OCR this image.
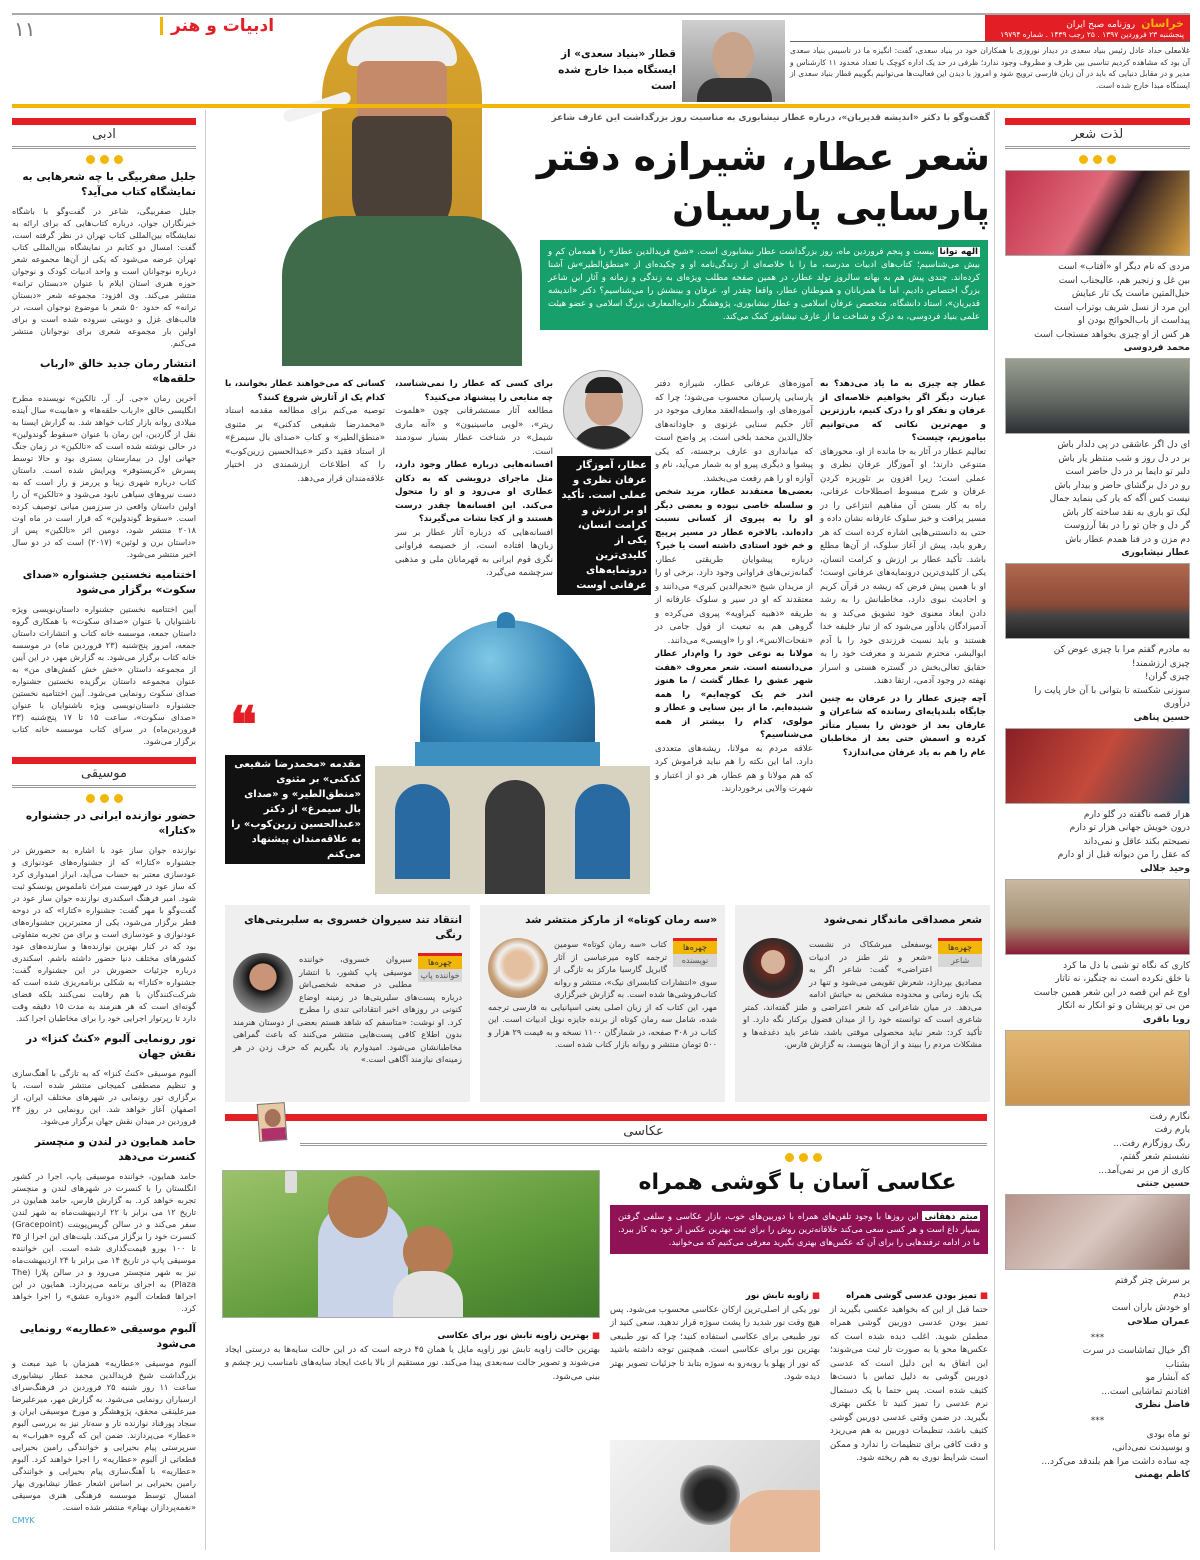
خراسان
روزنامه صبح ایران
پنجشنبه ۲۳ فروردین ۱۳۹۷ . ۲۵ رجب ۱۴۳۹ . شماره ۱۹۷۹۴
۱۱	ادبیات و هنر
غلامعلی حداد عادل رئیس بنیاد سعدی در دیدار نوروزی با همکاران خود در بنیاد سعدی، گفت: انگیزه ما در تاسیس بنیاد سعدی آن بود که مشاهده کردیم تناسبی بین ظرف و مظروف وجود ندارد؛ ظرفی در حد یک اداره کوچک با تعداد محدود ۱۱ کارشناس و مدیر و در مقابل دنیایی که باید در آن زبان فارسی ترویج شود و امروز با دیدن این فعالیت‌ها می‌توانیم بگوییم قطار بنیاد سعدی از ایستگاه مبدا خارج شده است.
قطار «بنیاد سعدی» از ایستگاه مبدا خارج شده است
ادبی
جلیل صفربیگی با چه شعرهایی به نمایشگاه کتاب می‌آید؟
جلیل صفربیگی، شاعر در گفت‌وگو با باشگاه خبرنگاران جوان، درباره کتاب‌هایی که برای ارائه به نمایشگاه بین‌المللی کتاب تهران در نظر گرفته است، گفت: امسال دو کتابم در نمایشگاه بین‌المللی کتاب تهران عرضه می‌شود که یکی از آن‌ها مجموعه شعر درباره نوجوانان است و واحد ادبیات کودک و نوجوان حوزه هنری استان ایلام با عنوان «دبستان ترانه» منتشر می‌کند. وی افزود: مجموعه شعر «دبستان ترانه» که حدود ۵۰ شعر با موضوع نوجوان است، در قالب‌های غزل و دوبیتی سروده شده است و برای اولین بار مجموعه شعری برای نوجوانان منتشر می‌کنم.
انتشار رمان جدید خالق «ارباب حلقه‌ها»
آخرین رمان «جی. آر. آر. تالکین» نویسنده مطرح انگلیسی خالق «ارباب حلقه‌ها» و «هابیت» سال آینده میلادی روانه بازار کتاب خواهد شد. به گزارش ایسنا به نقل از گاردین، این رمان با عنوان «سقوط گوندولین» در حالی نوشته شده است که «تالکین» در زمان جنگ جهانی اول در بیمارستان بستری بود و حالا توسط پسرش «کریستوفر» ویرایش شده است. داستان کتاب درباره شهری زیبا و پررمز و راز است که به دست نیروهای سیاهی نابود می‌شود و «تالکین» آن را اولین داستان واقعی در سرزمین میانی توصیف کرده است. «سقوط گوندولین» که قرار است در ماه اوت ۲۰۱۸ منتشر شود، دومین اثر «تالکین» پس از «داستان برن و لوثین» (۲۰۱۷) است که در دو سال اخیر منتشر می‌شود.
اختتامیه نخستین جشنواره «صدای سکوت» برگزار می‌شود
آیین اختتامیه نخستین جشنواره داستان‌نویسی ویژه ناشنوایان با عنوان «صدای سکوت» با همکاری گروه داستان جمعه، موسسه خانه کتاب و انتشارات داستان جمعه، امروز پنج‌شنبه (۲۳ فروردین ماه) در موسسه خانه کتاب برگزار می‌شود. به گزارش مهر، در این آیین از مجموعه داستان «خش خش کفش‌های من» به عنوان مجموعه داستان برگزیده نخستین جشنواره صدای سکوت رونمایی می‌شود. آیین اختتامیه نخستین جشنواره داستان‌نویسی ویژه ناشنوایان با عنوان «صدای سکوت»، ساعت ۱۵ تا ۱۷ پنج‌شنبه (۲۳ فروردین‌ماه) در سرای کتاب موسسه خانه کتاب برگزار می‌شود.
موسیقی
حضور نوازنده ایرانی در جشنواره «کتارا»
نوازنده جوان ساز عود با اشاره به حضورش در جشنواره «کتارا» که از جشنواره‌های عودنوازی و عودسازی معتبر به حساب می‌آید، ابراز امیدواری کرد که ساز عود در فهرست میراث ناملموس یونسکو ثبت شود. امیر فرهنگ اسکندری نوازنده جوان ساز عود در گفت‌وگو با مهر گفت: جشنواره «کتارا» که در دوحه قطر برگزار می‌شود، یکی از معتبرترین جشنواره‌های عودنوازی و عودسازی است و برای من تجربه متفاوتی بود که در کنار بهترین نوازنده‌ها و سازنده‌های عود کشورهای مختلف دنیا حضور داشته باشم. اسکندری درباره جزئیات حضورش در این جشنواره گفت: جشنواره «کتارا» به شکلی برنامه‌ریزی شده است که شرکت‌کنندگان با هم رقابت نمی‌کنند بلکه فضای گونه‌ای است که هر هنرمند به مدت ۱۵ دقیقه وقت دارد تا رپرتوار اجرایی خود را برای مخاطبان اجرا کند.
تور رونمایی آلبوم «کنتُ کنزا» در نقش جهان
آلبوم موسیقی «کنتُ کنزا» که به تازگی با آهنگ‌سازی و تنظیم مصطفی کمیجانی منتشر شده است، با برگزاری تور رونمایی در شهرهای مختلف ایران، از اصفهان آغاز خواهد شد. این رونمایی در روز ۲۴ فروردین در میدان نقش جهان برگزار می‌شود.
حامد همایون در لندن و منچستر کنسرت می‌دهد
حامد همایون، خواننده موسیقی پاپ، اجرا در کشور انگلستان را با کنسرت در شهرهای لندن و منچستر تجربه خواهد کرد. به گزارش فارس، حامد همایون در تاریخ ۱۲ می برابر با ۲۲ اردیبهشت‌ماه به شهر لندن سفر می‌کند و در سالن گریس‌پوینت (Gracepoint) کنسرت خود را برگزار می‌کند. بلیت‌های این اجرا از ۳۵ تا ۱۰۰ یورو قیمت‌گذاری شده است. این خواننده موسیقی پاپ در تاریخ ۱۴ می برابر با ۲۴ اردیبهشت‌ماه نیز به شهر منچستر می‌رود و در سالن پلازا (The Plaza) به اجرای برنامه می‌پردازد. همایون در این اجراها قطعات آلبوم «دوباره عشق» را اجرا خواهد کرد.
آلبوم موسیقی «عطاریه» رونمایی می‌شود
آلبوم موسیقی «عطاریه» همزمان با عید مبعث و بزرگداشت شیخ فریدالدین محمد عطار نیشابوری ساعت ۱۱ روز شنبه ۲۵ فروردین در فرهنگ‌سرای ارسباران رونمایی می‌شود. به گزارش مهر، میرعلیرضا میرعلینقی محقق، پژوهشگر و مورخ موسیقی ایران و سجاد پورقناد نوازنده تار و سه‌تار نیز به بررسی آلبوم «عطار» می‌پردازند. ضمن این که گروه «هیراب» به سرپرستی پیام بحیرایی و خوانندگی رامین بحیرایی قطعاتی از آلبوم «عطاریه» را اجرا خواهند کرد. آلبوم «عطاریه» با آهنگ‌سازی پیام بحیرایی و خوانندگی رامین بحیرایی بر اساس اشعار عطار نیشابوری بهار امسال توسط موسسه فرهنگی هنری موسیقی «نغمه‌پردازان بهنام» منتشر شده است.
CMYK
لذت شعر
مردی که نام دیگر او «آفتاب» است
بین غل و زنجیر هم، عالیجناب است
حبل‌المتین ماست یک تار عبایش
این مرد از نسل شریف بوتراب است
پیداست از باب‌الحوائج بودن او
هر کس از او چیزی بخواهد مستجاب است
محمد فردوسی
ای دل اگر عاشقی در پی دلدار باش
بر در دل روز و شب منتظر یار باش
دلبر تو دایما بر در دل حاضر است
رو در دل برگشای حاضر و بیدار باش
نیست کس آگه که یار کی بنماید جمال
لیک تو باری به نقد ساخته کار باش
گر دل و جان تو را در بقا آرزوست
دم مزن و در فنا همدم عطار باش
عطار نیشابوری
به مادرم گفتم مرا با چیزی عوض کن
چیزی ارزشمند!
چیزی گران!
سوزنی شکسته تا بتوانی با آن خار پایت را درآوری
حسین پناهی
هزار قصه ناگفته در گلو دارم
درون خویش جهانی هزار تو دارم
نصیحتم بکند عاقل و نمی‌داند
که عقل را من دیوانه قبل از او دارم
وحید جلالی
کاری که نگاه تو شبی با دل ما کرد
با خلق نکرده است نه چنگیز، نه تاتار
اوج غم این قصه در این شعر همین جاست
من بی تو پریشان و تو انکار نه انکار
رویا باقری
نگارم رفت
یارم رفت
رنگ روزگارم رفت...
نشستم شعر گفتم،
کاری از من بر نمی‌آمد...
حسین جنتی
بر سرش چتر گرفتم
دیدم
او خودش باران است
عمران صلاحی
***
اگر خیال تماشاست در سرت
بشتاب
که آبشار مو
افتادنم تماشایی است...
فاضل نظری
***
تو ماه بودی
و بوسیدنت نمی‌دانی،
چه ساده داشت مرا هم بلندقد می‌کرد...
کاظم بهمنی
گفت‌وگو با دکتر «اندیشه قدیریان»، درباره عطار نیشابوری به مناسبت روز بزرگداشت این عارف شاعر
شعر عطار، شیرازه دفتر
پارسایی پارسیان
الهه توانا بیست و پنجم فروردین ماه، روز بزرگداشت عطار نیشابوری است. «شیخ فریدالدین عطار» را همه‌مان کم و بیش می‌شناسیم؛ کتاب‌های ادبیات مدرسه، ما را با خلاصه‌ای از زندگی‌نامه او و چکیده‌ای از «منطق‌الطیر»ش آشنا کرده‌اند. چندی پیش هم به بهانه سالروز تولد عطار، در همین صفحه مطلب ویژه‌ای به زندگی و زمانه و آثار این شاعر بزرگ اختصاص دادیم. اما ما همزبانان و هموطنان عطار، واقعا چقدر او، عرفان و بینشش را می‌شناسیم؟ دکتر «اندیشه قدیریان»، استاد دانشگاه، متخصص عرفان اسلامی و عطار نیشابوری، پژوهشگر دایره‌المعارف بزرگ اسلامی و عضو هیئت علمی بنیاد فردوسی، به درک و شناخت ما از عارف نیشابور کمک می‌کند.
عطار چه چیزی به ما یاد می‌دهد؟ به عبارت دیگر اگر بخواهیم خلاصه‌ای از عرفان و تفکر او را درک کنیم، بارزترین و مهم‌ترین نکاتی که می‌توانیم بیاموزیم، چیست؟
تعالیم عطار در آثار به جا مانده از او، محورهای متنوعی دارند؛ او آموزگار عرفان نظری و عملی است؛ زیرا افزون بر تئوریزه کردن عرفان و شرح مبسوط اصطلاحات عرفانی، راه به کار بستن آن مفاهیم انتزاعی را در مسیر پرافت و خیز سلوک عارفانه نشان داده و حتی به دانستنی‌هایی اشاره کرده است که هر رهرو باید، پیش از آغاز سلوک، از آن‌ها مطلع باشد. تأکید عطار بر ارزش و کرامت انسان، یکی از کلیدی‌ترین درونمایه‌های عرفانی اوست؛ او با همین پیش فرض که ریشه در قرآن کریم و احادیث نبوی دارد، مخاطبانش را به رشد دادن ابعاد معنوی خود تشویق می‌کند و به آدمیزادگان یادآور می‌شود که از تبار خلیفه خدا هستند و باید نسبت فرزندی خود را با آدم ابوالبشر، محترم شمرند و معرفت خود را به حقایق تعالی‌بخش در گستره هستی و اسرار نهفته در وجود آدمی، ارتقا دهند.
آچه چیزی عطار را در عرفان به چنین جایگاه بلندپایه‌ای رسانده که شاعران و عارفان بعد از خودش را بسیار متأثر کرده و اسمش حتی بعد از مخاطبان عام را هم به یاد عرفان می‌اندازد؟
آموزه‌های عرفانی عطار، شیرازه دفتر پارسایی پارسیان محسوب می‌شود؛ چرا که آموزه‌های او، واسطه‌العقد معارف موجود در آثار حکیم سنایی غزنوی و جاودانه‌های جلال‌الدین محمد بلخی است. پر واضح است که میانداری دو عارف برجسته، که یکی پیشوا و دیگری پیرو او به شمار می‌آید، نام و آوازه او را هم رفعت می‌بخشد.
بعضی‌ها معتقدند عطار، مرید شخص و سلسله خاصی نبوده و بعضی دیگر او را به پیروی از کسانی نسبت داده‌اند. بالاخره عطار در مسیر پرپیچ و خم خود استادی داشته است یا خیر؟
درباره پیشوایان طریقتی عطار، گمانه‌زنی‌های فراوانی وجود دارد. برخی او را از مریدان شیخ «نجم‌الدین کبری» می‌دانند و معتقدند که او در سیر و سلوک عارفانه از طریقه «ذهبیه کبراویه» پیروی می‌کرده و گروهی هم به تبعیت از قول جامی در «نفحات‌الانس»، او را «اویسی» می‌دانند.
مولانا به نوعی خود را وام‌دار عطار می‌دانسته است. شعر معروف «هفت شهر عشق را عطار گشت / ما هنوز اندر خم یک کوچه‌ایم» را همه شنیده‌ایم. ما از بین سنایی و عطار و مولوی، کدام را بیشتر از همه می‌شناسیم؟
علاقه مردم به مولانا، ریشه‌های متعددی دارد. اما این نکته را هم نباید فراموش کرد که هم مولانا و هم عطار، هر دو از اعتبار و شهرت والایی برخوردارند.
عطار، آموزگار عرفان نظری و عملی است. تأکید او بر ارزش و کرامت انسان، یکی از کلیدی‌ترین درونمایه‌های عرفانی اوست
برای کسی که عطار را نمی‌شناسد، چه منابعی را پیشنهاد می‌کنید؟
مطالعه آثار مستشرقانی چون «هلموت ریتر»، «لویی ماسینیون» و «آنه ماری شیمل» در شناخت عطار بسیار سودمند است.
افسانه‌هایی درباره عطار وجود دارد، مثل ماجرای درویشی که به دکان عطاری او می‌رود و او را متحول می‌کند. این افسانه‌ها چقدر درست هستند و از کجا نشات می‌گیرند؟
افسانه‌هایی که درباره آثار عطار بر سر زبان‌ها افتاده است، از خصیصه فراوانی نگری قوم ایرانی به قهرمانان ملی و مذهبی سرچشمه می‌گیرد.
کسانی که می‌خواهند عطار بخوانند، با کدام یک از آثارش شروع کنند؟
توصیه می‌کنم برای مطالعه مقدمه استاد «محمدرضا شفیعی کدکنی» بر مثنوی «منطق‌الطیر» و کتاب «صدای بال سیمرغ» از استاد فقید دکتر «عبدالحسین زرین‌کوب» را که اطلاعات ارزشمندی در اختیار علاقه‌مندان قرار می‌دهد.
❝
مقدمه «محمدرضا شفیعی کدکنی» بر مثنوی «منطق‌الطیر» و «صدای بال سیمرغ» از دکتر «عبدالحسین زرین‌کوب» را به علاقه‌مندان پیشنهاد می‌کنم
شعر مصداقی ماندگار نمی‌شود
چهره‌ها
شاعر
یوسفعلی میرشکاک در نشست «شعر و نثر طنز در ادبیات اعتراضی» گفت: شاعر اگر به مصادیق بپردازد، شعرش تقویمی می‌شود و تنها در یک بازه زمانی و محدوده مشخص به حیاتش ادامه می‌دهد. در میان شاعرانی که شعر اعتراضی و طنز گفته‌اند، کمتر شاعری است که توانسته خود را از میدان فضول برکنار نگه دارد. او تأکید کرد: شعر نباید محصولی موقتی باشد، شاعر باید دغدغه‌ها و مشکلات مردم را ببیند و از آن‌ها بنویسد، به گزارش فارس.
«سه رمان کوتاه» از مارکز منتشر شد
چهره‌ها
نویسنده
کتاب «سه رمان کوتاه» سومین ترجمه کاوه میرعباسی از آثار گابریل گارسیا مارکز به تازگی از سوی «انتشارات کتابسرای نیک»، منتشر و روانه کتاب‌فروشی‌ها شده است. به گزارش خبرگزاری مهر، این کتاب که از زبان اصلی یعنی اسپانیایی به فارسی ترجمه شده، شامل سه رمان کوتاه از برنده جایزه نوبل ادبیات است. این کتاب در ۳۰۸ صفحه، در شمارگان ۱۱۰۰ نسخه و به قیمت ۲۹ هزار و ۵۰۰ تومان منتشر و روانه بازار کتاب شده است.
انتقاد تند سیروان خسروی به سلبریتی‌های رنگی
چهره‌ها
خواننده پاپ
سیروان خسروی، خواننده موسیقی پاپ کشور، با انتشار مطلبی در صفحه شخصی‌اش درباره پست‌های سلبریتی‌ها در زمینه اوضاع کنونی در روزهای اخیر انتقاداتی تندی را مطرح کرد. او نوشت: «متاسفم که شاهد هستم بعضی از دوستان هنرمند بدون اطلاع کافی پست‌هایی منتشر می‌کنند که باعث گمراهی مخاطبانشان می‌شود. امیدوارم یاد بگیریم که حرف زدن در هر زمینه‌ای نیازمند آگاهی است.»
عکاسی
عکاسی آسان با گوشی همراه
میثم دهقانی این روزها با وجود تلفن‌های همراه با دوربین‌های خوب، بازار عکاسی و سلفی گرفتن بسیار داغ است و هر کسی سعی می‌کند خلاقانه‌ترین روش را برای ثبت بهترین عکس از خود به کار ببرد. ما در ادامه ترفندهایی را برای آن که عکس‌های بهتری بگیرید معرفی می‌کنیم که می‌خوانید.
■ تمیز بودن عدسی گوشی همراه
حتما قبل از این که بخواهید عکسی بگیرید از تمیز بودن عدسی دوربین گوشی همراه مطمئن شوید. اغلب دیده شده است که عکس‌ها محو یا به صورت تار ثبت می‌شوند؛ این اتفاق به این دلیل است که عدسی دوربین گوشی به دلیل تماس با دست‌ها کثیف شده است. پس حتما با یک دستمال نرم عدسی را تمیز کنید تا عکس بهتری بگیرید. در ضمن وقتی عدسی دوربین گوشی کثیف باشد، تنظیمات دوربین به هم می‌ریزد و دقت کافی برای تنظیمات را ندارد و ممکن است شرایط نوری به هم ریخته شود.
■ زاویه تابش نور
نور یکی از اصلی‌ترین ارکان عکاسی محسوب می‌شود. پس هیچ وقت نور شدید را پشت سوژه قرار ندهید. سعی کنید از نور طبیعی برای عکاسی استفاده کنید؛ چرا که نور طبیعی بهترین نور برای عکاسی است. همچنین توجه داشته باشید که نور از پهلو یا روبه‌رو به سوژه بتابد تا جزئیات تصویر بهتر دیده شود.
■ بهترین زاویه تابش نور برای عکاسی
بهترین حالت زاویه تابش نور زاویه مایل یا همان ۴۵ درجه است که در این حالت سایه‌ها به درستی ایجاد می‌شوند و تصویر حالت سه‌بعدی پیدا می‌کند. نور مستقیم از بالا باعث ایجاد سایه‌های نامناسب زیر چشم و بینی می‌شود.
